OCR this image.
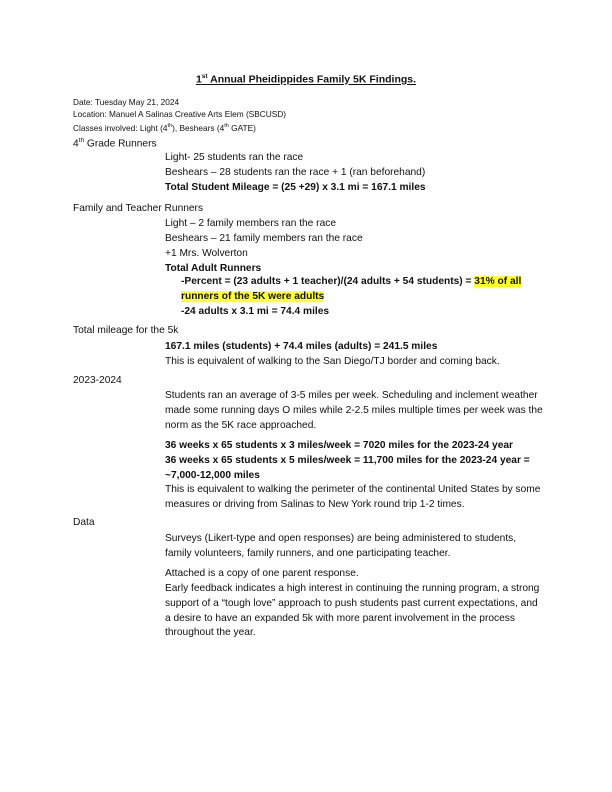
1st Annual Pheidippides Family 5K Findings.
Date: Tuesday May 21, 2024
Location: Manuel A Salinas Creative Arts Elem (SBCUSD)
Classes involved: Light (4th), Beshears (4th GATE)
4th Grade Runners
Light- 25 students ran the race
Beshears – 28 students ran the race + 1 (ran beforehand)
Total Student Mileage = (25 +29) x 3.1 mi = 167.1 miles
Family and Teacher Runners
Light – 2 family members ran the race
Beshears – 21 family members ran the race
+1 Mrs. Wolverton
Total Adult Runners
-Percent = (23 adults + 1 teacher)/(24 adults + 54 students) = 31% of all runners of the 5K were adults
-24 adults x 3.1 mi = 74.4 miles
Total mileage for the 5k
167.1 miles (students) + 74.4 miles (adults) = 241.5 miles
This is equivalent of walking to the San Diego/TJ border and coming back.
2023-2024

Students ran an average of 3-5 miles per week. Scheduling and inclement weather made some running days O miles while 2-2.5 miles multiple times per week was the norm as the 5K race approached.

36 weeks x 65 students x 3 miles/week = 7020 miles for the 2023-24 year
36 weeks x 65 students x 5 miles/week = 11,700 miles for the 2023-24 year = ~7,000-12,000 miles

This is equivalent to walking the perimeter of the continental United States by some measures or driving from Salinas to New York round trip 1-2 times.

Data

Surveys (Likert-type and open responses) are being administered to students, family volunteers, family runners, and one participating teacher.

Attached is a copy of one parent response.

Early feedback indicates a high interest in continuing the running program, a strong support of a “tough love” approach to push students past current expectations, and a desire to have an expanded 5k with more parent involvement in the process throughout the year.
